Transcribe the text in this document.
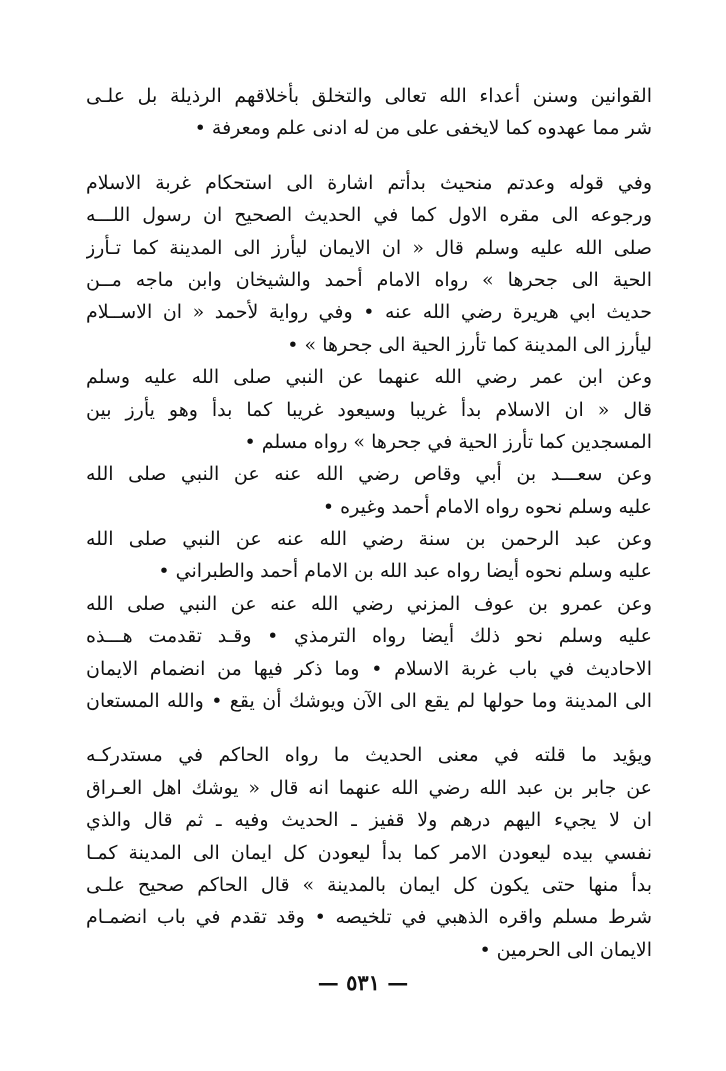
القوانين وسنن أعداء الله تعالى والتخلق بأخلاقهم الرذيلة بل علـى
شر مما عهدوه كما لايخفى على من له ادنى علم ومعرفة •
وفي قوله وعدتم منحيث بدأتم اشارة الى استحكام غربة الاسلام
ورجوعه الى مقره الاول كما في الحديث الصحيح ان رسول اللـــه
صلى الله عليه وسلم قال « ان الايمان ليأرز الى المدينة كما تـأرز
الحية الى جحرها » رواه الامام أحمد والشيخان وابن ماجه مــن
حديث ابي هريرة رضي الله عنه • وفي رواية لأحمد « ان الاســلام
ليأرز الى المدينة كما تأرز الحية الى جحرها » •
وعن ابن عمر رضي الله عنهما عن النبي صلى الله عليه وسلم
قال « ان الاسلام بدأ غريبا وسيعود غريبا كما بدأ وهو يأرز بين
المسجدين كما تأرز الحية في جحرها » رواه مسلم •
وعن سعـــد بن أبي وقاص رضي الله عنه عن النبي صلى الله
عليه وسلم نحوه رواه الامام أحمد وغيره •
وعن عبد الرحمن بن سنة رضي الله عنه عن النبي صلى الله
عليه وسلم نحوه أيضا رواه عبد الله بن الامام أحمد والطبراني •
وعن عمرو بن عوف المزني رضي الله عنه عن النبي صلى الله
عليه وسلم نحو ذلك أيضا رواه الترمذي • وقـد تقدمت هـــذه
الاحاديث في باب غربة الاسلام • وما ذكر فيها من انضمام الايمان
الى المدينة وما حولها لم يقع الى الآن ويوشك أن يقع • والله المستعان
ويؤيد ما قلته في معنى الحديث ما رواه الحاكم في مستدركـه
عن جابر بن عبد الله رضي الله عنهما انه قال « يوشك اهل العـراق
ان لا يجيء اليهم درهم ولا قفيز ـ الحديث وفيه ـ ثم قال والذي
نفسي بيده ليعودن الامر كما بدأ ليعودن كل ايمان الى المدينة كمـا
بدأ منها حتى يكون كل ايمان بالمدينة » قال الحاكم صحيح علـى
شرط مسلم واقره الذهبي في تلخيصه • وقد تقدم في باب انضمـام
الايمان الى الحرمين •
— ٥٣١ —
